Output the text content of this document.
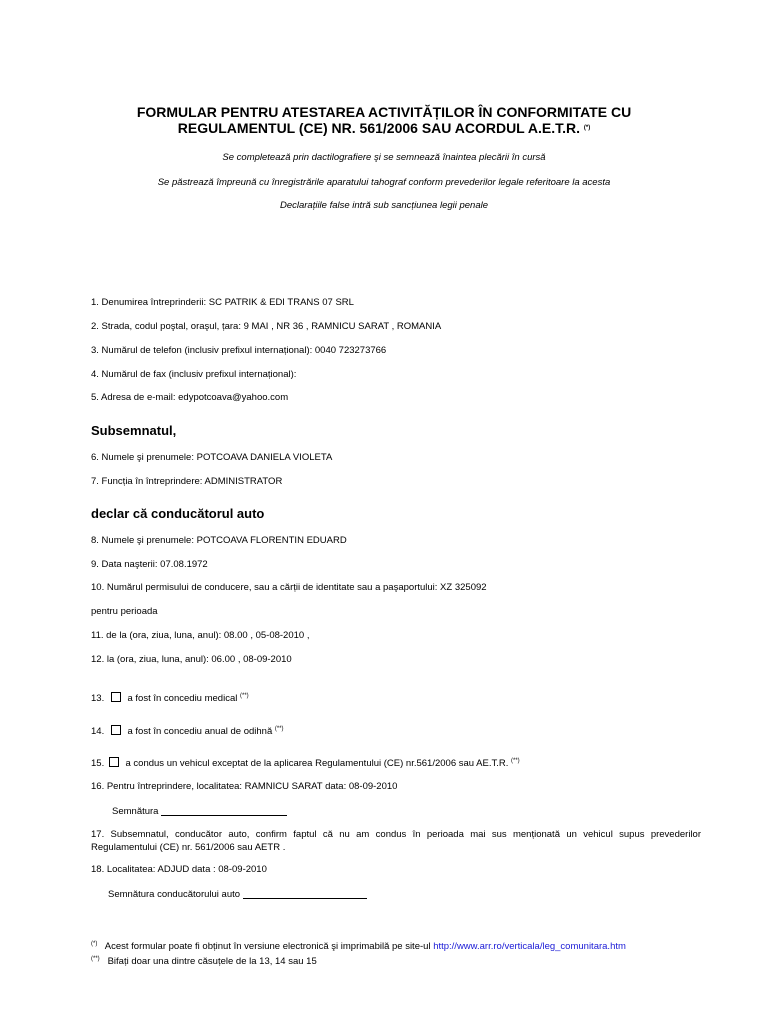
FORMULAR PENTRU ATESTAREA ACTIVITĂȚILOR ÎN CONFORMITATE CU
REGULAMENTUL (CE) NR. 561/2006 SAU ACORDUL A.E.T.R. (*)
Se completează prin dactilografiere şi se semnează înaintea plecării în cursă
Se păstrează împreună cu înregistrările aparatului tahograf conform prevederilor legale referitoare la acesta
Declarațiile false intră sub sancțiunea legii penale
1. Denumirea întreprinderii: SC PATRIK & EDI TRANS 07 SRL
2. Strada, codul poştal, oraşul, țara: 9 MAI , NR 36 , RAMNICU SARAT , ROMANIA
3. Numărul de telefon (inclusiv prefixul internațional): 0040 723273766
4. Numărul de fax (inclusiv prefixul internațional):
5. Adresa de e-mail: edypotcoava@yahoo.com
Subsemnatul,
6. Numele şi prenumele: POTCOAVA DANIELA VIOLETA
7. Funcția în întreprindere: ADMINISTRATOR
declar că conducătorul auto
8. Numele şi prenumele: POTCOAVA FLORENTIN EDUARD
9. Data naşterii: 07.08.1972
10. Numărul permisului de conducere, sau a cărții de identitate sau a paşaportului: XZ 325092
pentru perioada
11. de la (ora, ziua, luna, anul): 08.00 , 05-08-2010 ,
12. la (ora, ziua, luna, anul): 06.00 , 08-09-2010
13. a fost în concediu medical (**)
14. a fost în concediu anual de odihnă (**)
15. a condus un vehicul exceptat de la aplicarea Regulamentului (CE) nr.561/2006 sau AE.T.R. (**)
16. Pentru întreprindere, localitatea: RAMNICU SARAT data: 08-09-2010
Semnătura
17. Subsemnatul, conducător auto, confirm faptul că nu am condus în perioada mai sus menționată un vehicul supus prevederilor Regulamentului (CE) nr. 561/2006 sau AETR .
18. Localitatea: ADJUD data : 08-09-2010
Semnătura conducătorului auto
(*) Acest formular poate fi obținut în versiune electronică şi imprimabilă pe site-ul http://www.arr.ro/verticala/leg_comunitara.htm
(**) Bifați doar una dintre căsuțele de la 13, 14 sau 15
